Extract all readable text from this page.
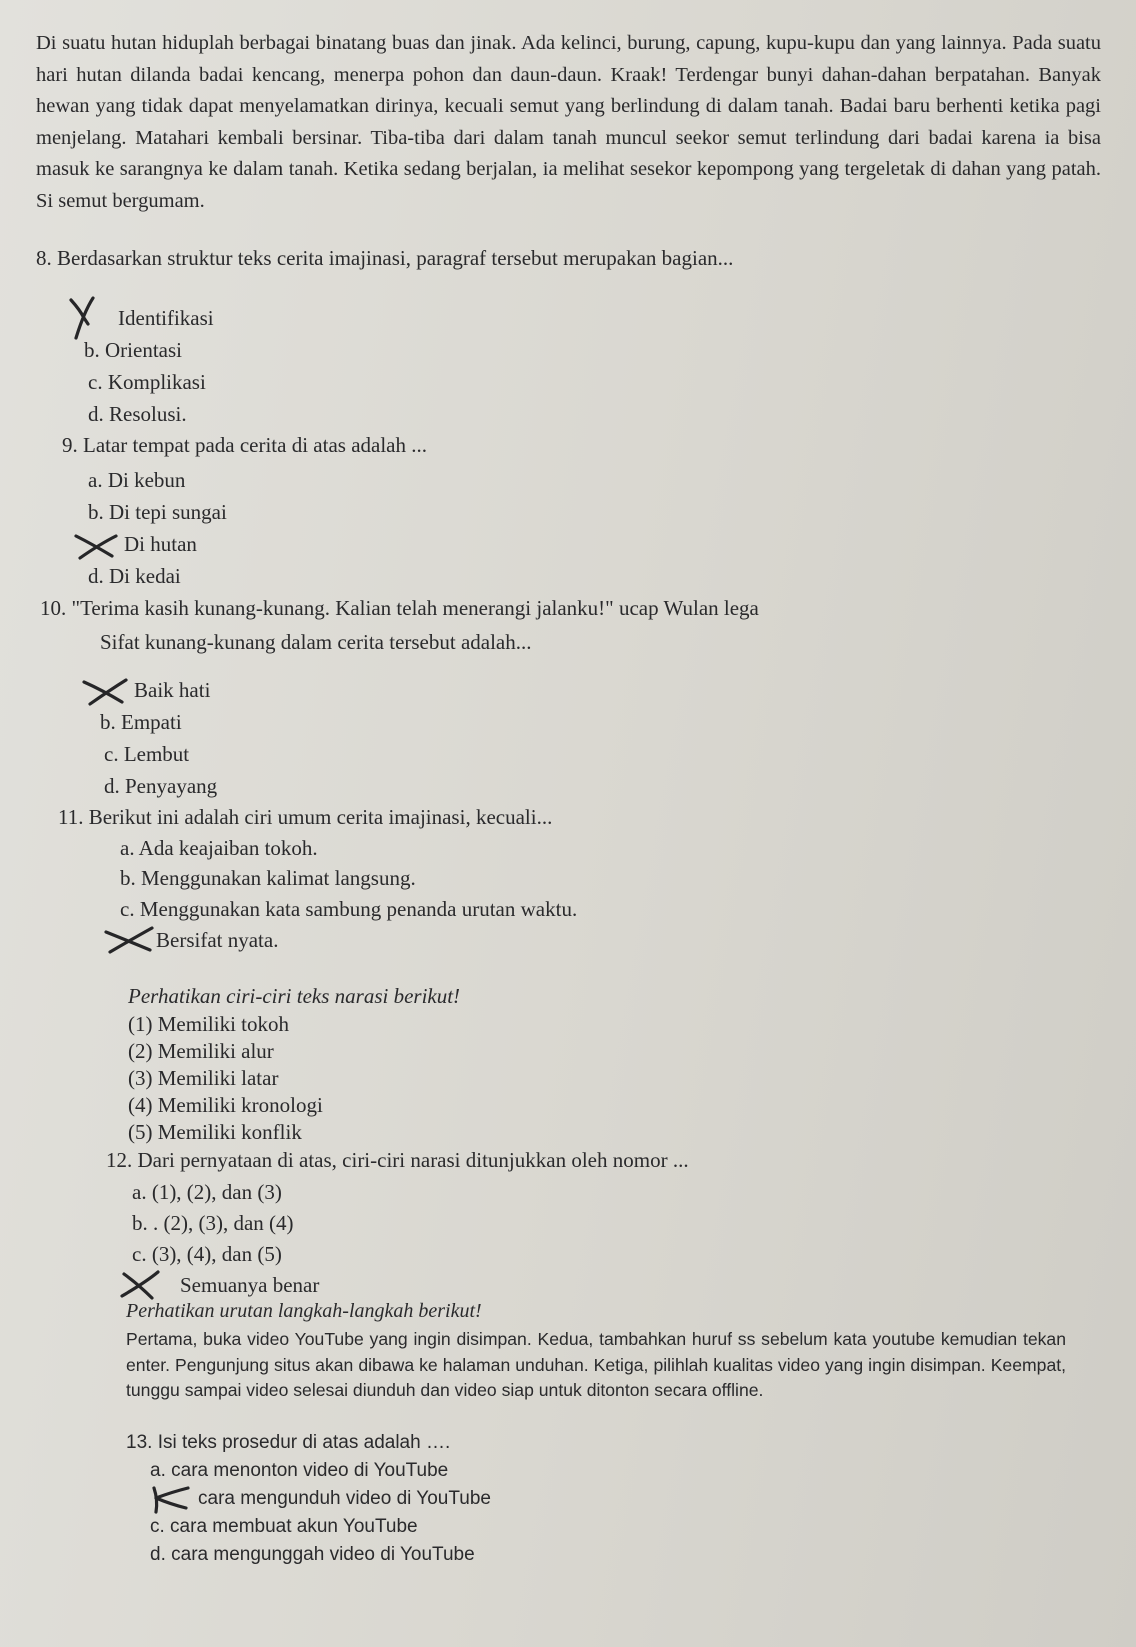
Di suatu hutan hiduplah berbagai binatang buas dan jinak. Ada kelinci, burung, capung, kupu-kupu dan yang lainnya. Pada suatu hari hutan dilanda badai kencang, menerpa pohon dan daun-daun. Kraak! Terdengar bunyi dahan-dahan berpatahan. Banyak hewan yang tidak dapat menyelamatkan dirinya, kecuali semut yang berlindung di dalam tanah. Badai baru berhenti ketika pagi menjelang. Matahari kembali bersinar. Tiba-tiba dari dalam tanah muncul seekor semut terlindung dari badai karena ia bisa masuk ke sarangnya ke dalam tanah. Ketika sedang berjalan, ia melihat sesekor kepompong yang tergeletak di dahan yang patah. Si semut bergumam.
8. Berdasarkan struktur teks cerita imajinasi, paragraf tersebut merupakan bagian...
Identifikasi
b. Orientasi
c. Komplikasi
d. Resolusi.
9. Latar tempat pada cerita di atas adalah ...
a. Di kebun
b. Di tepi sungai
Di hutan
d. Di kedai
10. "Terima kasih kunang-kunang. Kalian telah menerangi jalanku!" ucap Wulan lega
Sifat kunang-kunang dalam cerita tersebut adalah...
Baik hati
b. Empati
c. Lembut
d. Penyayang
11. Berikut ini adalah ciri umum cerita imajinasi, kecuali...
a. Ada keajaiban tokoh.
b. Menggunakan kalimat langsung.
c. Menggunakan kata sambung penanda urutan waktu.
Bersifat nyata.
Perhatikan ciri-ciri teks narasi berikut!
(1) Memiliki tokoh
(2) Memiliki alur
(3) Memiliki latar
(4) Memiliki kronologi
(5) Memiliki konflik
12. Dari pernyataan di atas, ciri-ciri narasi ditunjukkan oleh nomor ...
a. (1), (2), dan (3)
b. . (2), (3), dan (4)
c. (3), (4), dan (5)
Semuanya benar
Perhatikan urutan langkah-langkah berikut!
Pertama, buka video YouTube yang ingin disimpan. Kedua, tambahkan huruf ss sebelum kata youtube kemudian tekan enter. Pengunjung situs akan dibawa ke halaman unduhan. Ketiga, pilihlah kualitas video yang ingin disimpan. Keempat, tunggu sampai video selesai diunduh dan video siap untuk ditonton secara offline.
13. Isi teks prosedur di atas adalah ….
a. cara menonton video di YouTube
cara mengunduh video di YouTube
c. cara membuat akun YouTube
d. cara mengunggah video di YouTube
